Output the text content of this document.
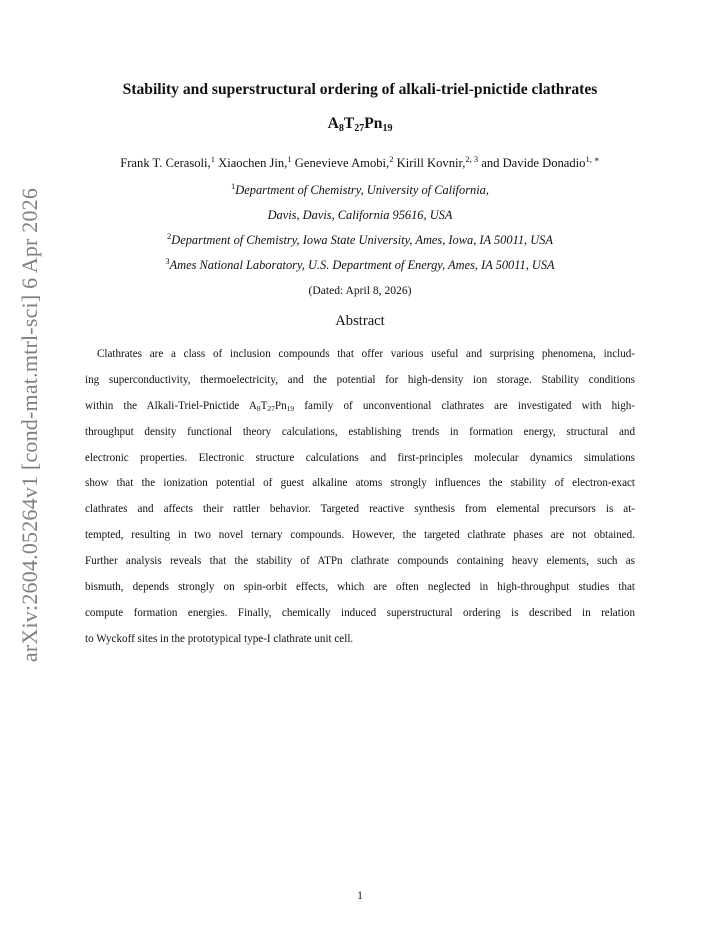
arXiv:2604.05264v1 [cond-mat.mtrl-sci] 6 Apr 2026
Stability and superstructural ordering of alkali-triel-pnictide clathrates
$A_8T_{27}Pn_{19}$
Frank T. Cerasoli,$^1$ Xiaochen Jin,$^1$ Genevieve Amobi,$^2$ Kirill Kovnir,$^{2, 3}$ and Davide Donadio$^{1, ∗}$
$^1$Department of Chemistry, University of California,
Davis, Davis, California 95616, USA
$^2$Department of Chemistry, Iowa State University, Ames, Iowa, IA 50011, USA
$^3$Ames National Laboratory, U.S. Department of Energy, Ames, IA 50011, USA
(Dated: April 8, 2026)
Abstract
Clathrates are a class of inclusion compounds that offer various useful and surprising phenomena, includ-
ing superconductivity, thermoelectricity, and the potential for high-density ion storage. Stability conditions
within the Alkali-Triel-Pnictide $A_8T_{27}Pn_{19}$ family of unconventional clathrates are investigated with high-
throughput density functional theory calculations, establishing trends in formation energy, structural and
electronic properties. Electronic structure calculations and first-principles molecular dynamics simulations
show that the ionization potential of guest alkaline atoms strongly influences the stability of electron-exact
clathrates and affects their rattler behavior. Targeted reactive synthesis from elemental precursors is at-
tempted, resulting in two novel ternary compounds. However, the targeted clathrate phases are not obtained.
Further analysis reveals that the stability of ATPn clathrate compounds containing heavy elements, such as
bismuth, depends strongly on spin-orbit effects, which are often neglected in high-throughput studies that
compute formation energies. Finally, chemically induced superstructural ordering is described in relation
to Wyckoff sites in the prototypical type-I clathrate unit cell.
1
